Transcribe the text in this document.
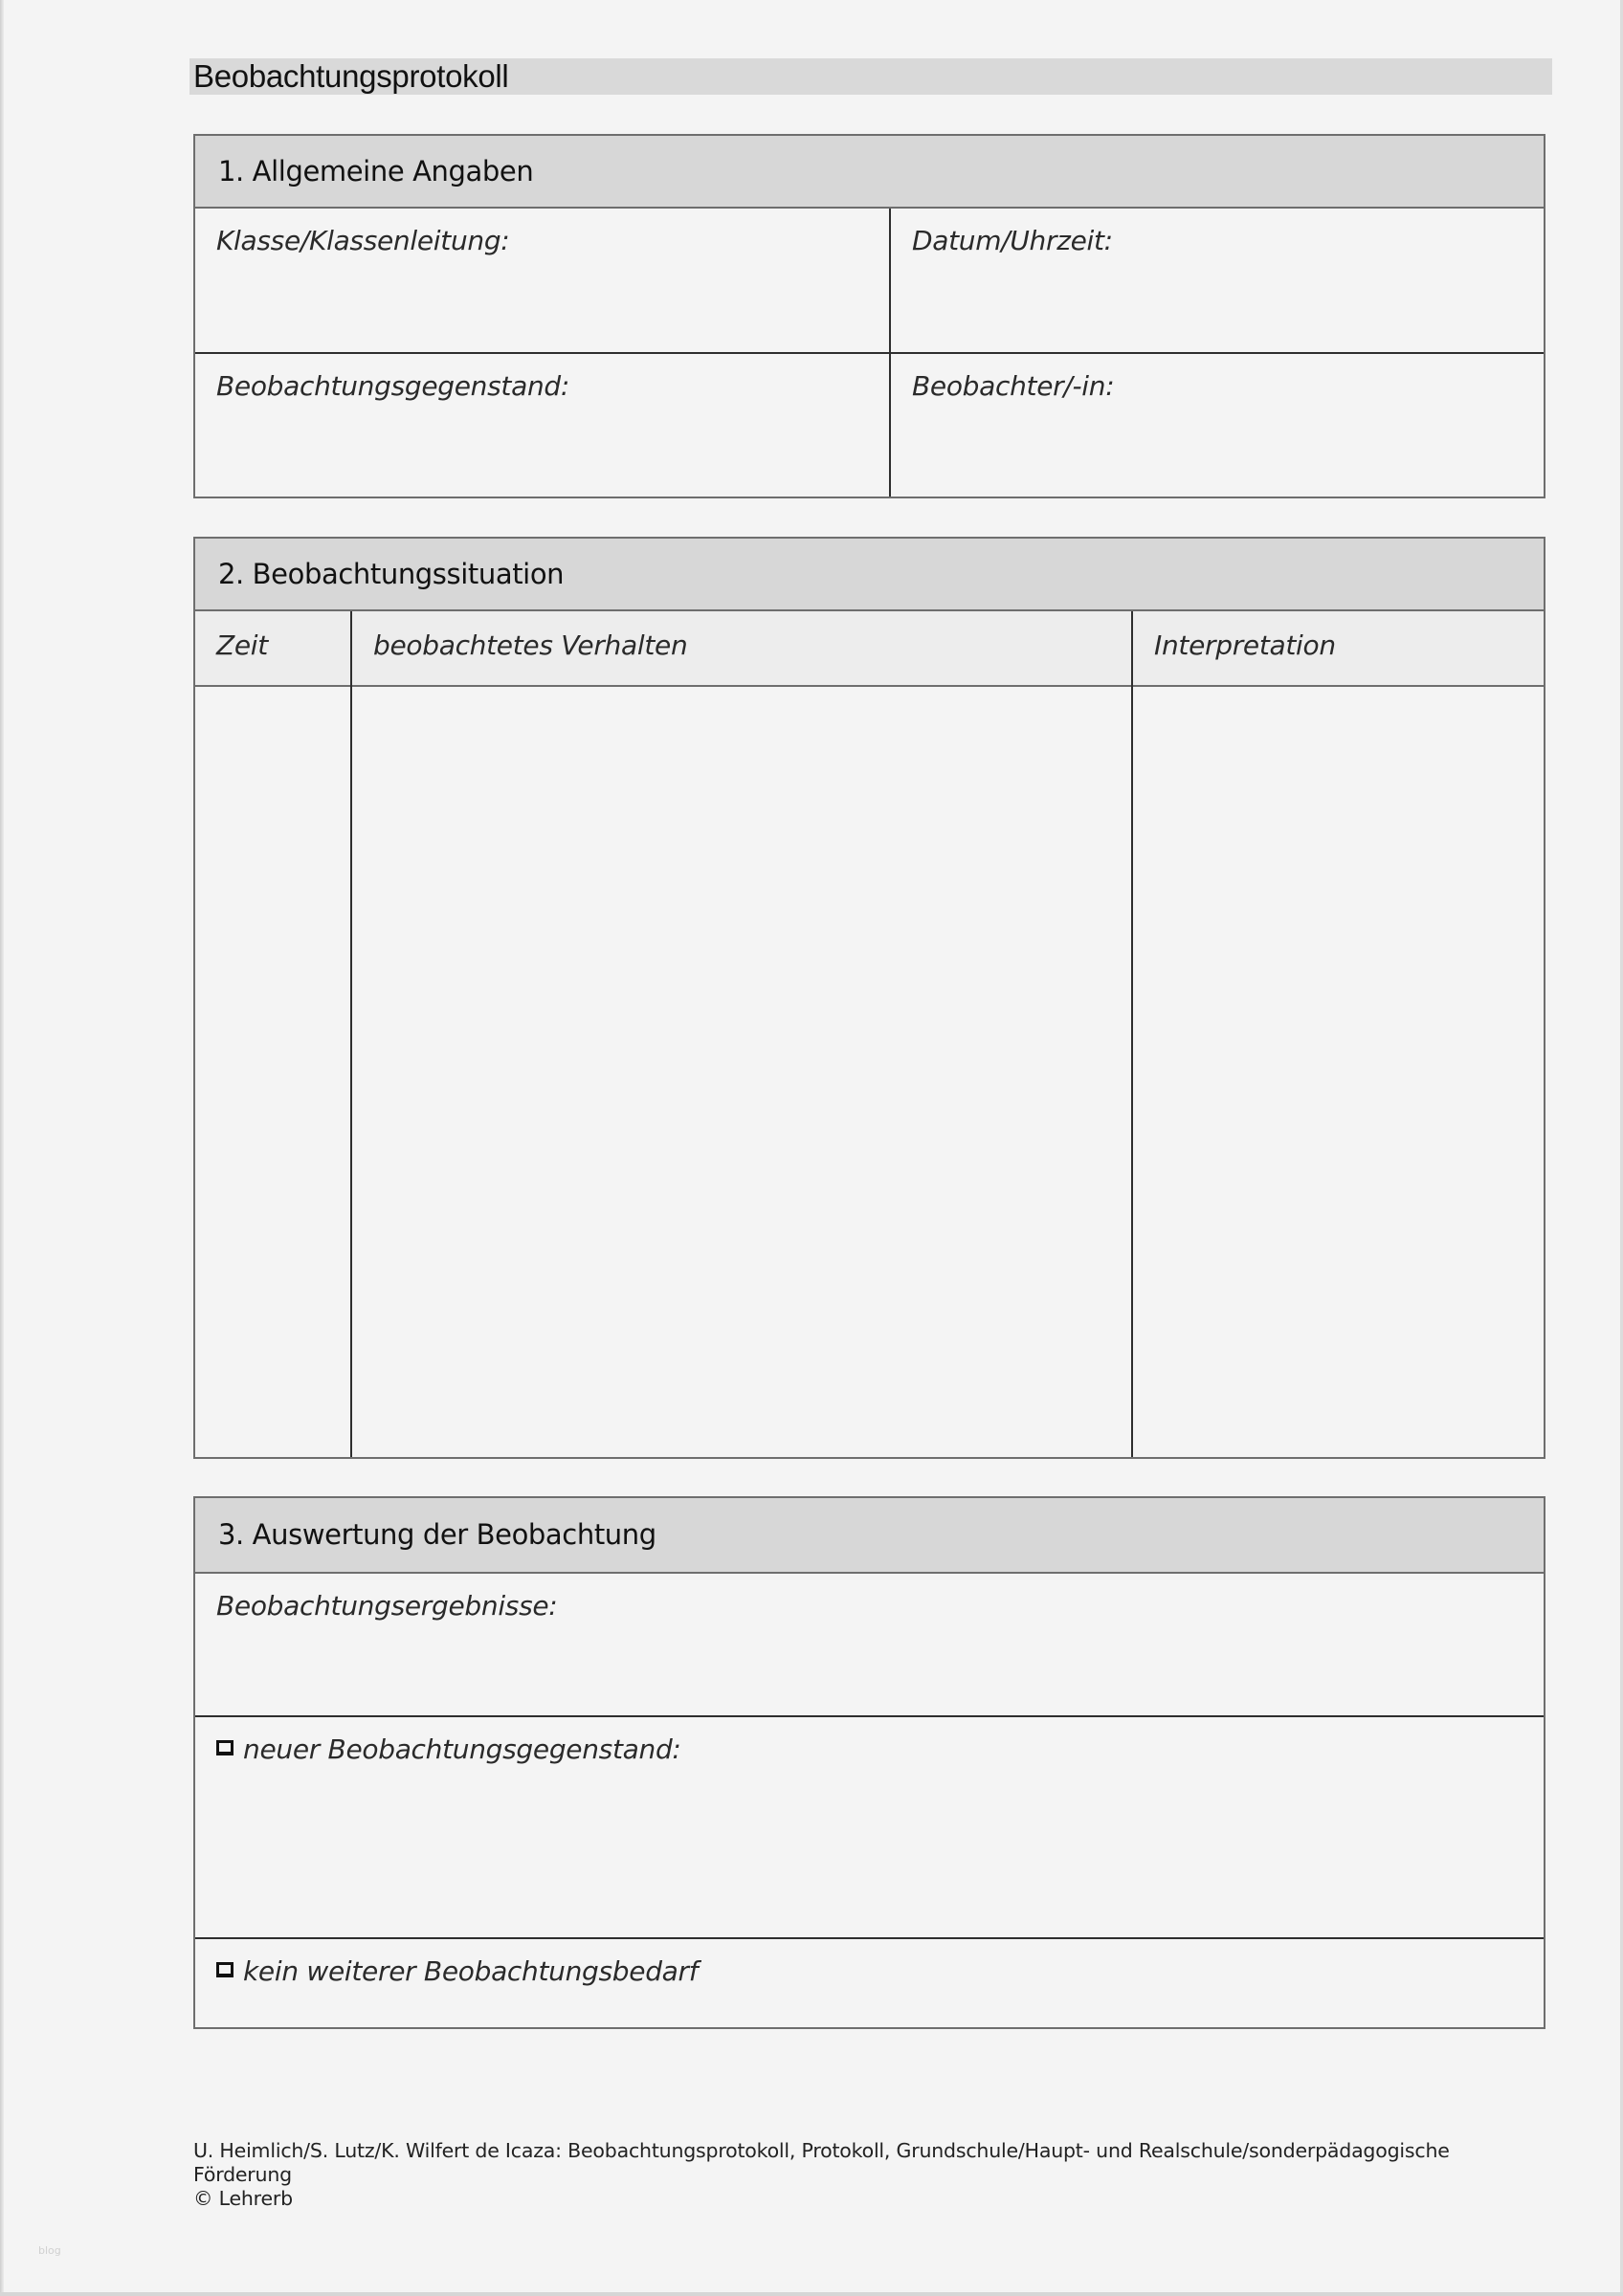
Beobachtungsprotokoll
1. Allgemeine Angaben
Klasse/Klassenleitung:	Datum/Uhrzeit:
Beobachtungsgegenstand:	Beobachter/-in:
2. Beobachtungssituation
Zeit	beobachtetes Verhalten	Interpretation
3. Auswertung der Beobachtung
Beobachtungsergebnisse:
neuer Beobachtungsgegenstand:
kein weiterer Beobachtungsbedarf
U. Heimlich/S. Lutz/K. Wilfert de Icaza: Beobachtungsprotokoll, Protokoll, Grundschule/Haupt- und Realschule/sonderpädagogische
Förderung
© Lehrerb
blog
